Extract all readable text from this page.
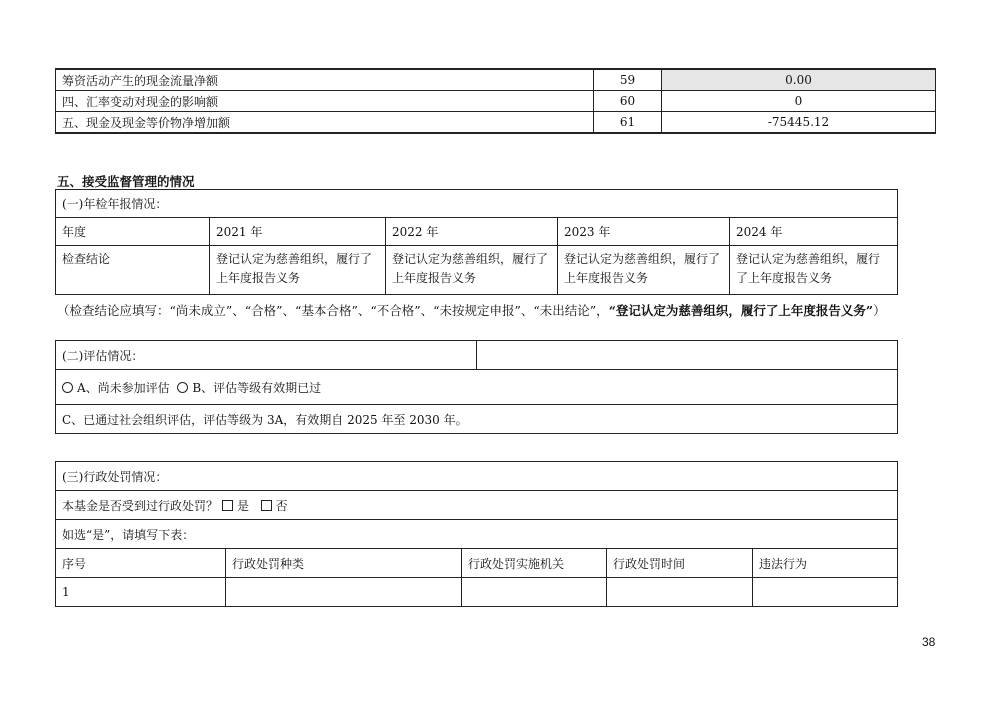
筹资活动产生的现金流量净额	59	0.00
四、汇率变动对现金的影响额	60	0
五、现金及现金等价物净增加额	61	-75445.12
五、接受监督管理的情况
(一)年检年报情况：				
年度	2021 年	2022 年	2023 年	2024 年
检查结论	登记认定为慈善组织，履行了上年度报告义务	登记认定为慈善组织，履行了上年度报告义务	登记认定为慈善组织，履行了上年度报告义务	登记认定为慈善组织，履行了上年度报告义务
（检查结论应填写：“尚未成立”、“合格”、“基本合格”、“不合格”、“未按规定申报”、“未出结论”，“登记认定为慈善组织，履行了上年度报告义务”）
(二)评估情况：	
A、尚未参加评估 B、评估等级有效期已过
C、已通过社会组织评估，评估等级为 3A，有效期自 2025 年至 2030 年。
(三)行政处罚情况：				
本基金是否受到过行政处罚？ 是 否				
如选“是”，请填写下表：				
序号	行政处罚种类	行政处罚实施机关	行政处罚时间	违法行为
1				
38
